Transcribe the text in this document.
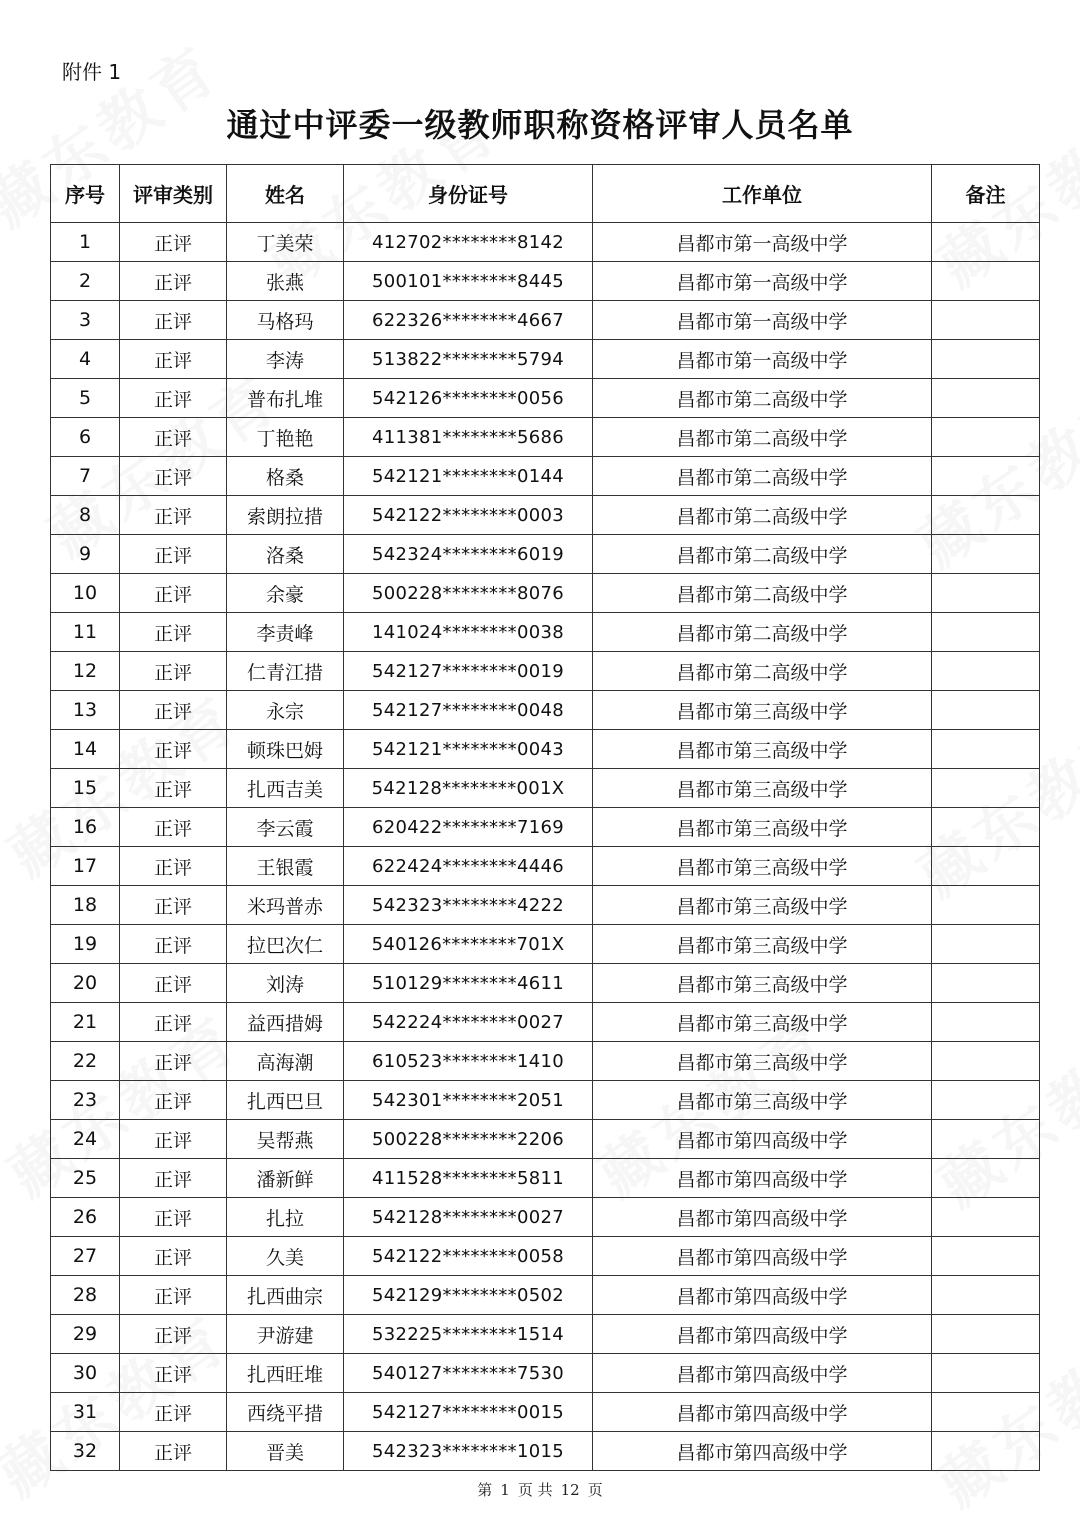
附件 1
通过中评委一级教师职称资格评审人员名单
序号	评审类别	姓名	身份证号	工作单位	备注
1	正评	丁美荣	412702********8142	昌都市第一高级中学	
2	正评	张燕	500101********8445	昌都市第一高级中学	
3	正评	马格玛	622326********4667	昌都市第一高级中学	
4	正评	李涛	513822********5794	昌都市第一高级中学	
5	正评	普布扎堆	542126********0056	昌都市第二高级中学	
6	正评	丁艳艳	411381********5686	昌都市第二高级中学	
7	正评	格桑	542121********0144	昌都市第二高级中学	
8	正评	索朗拉措	542122********0003	昌都市第二高级中学	
9	正评	洛桑	542324********6019	昌都市第二高级中学	
10	正评	余豪	500228********8076	昌都市第二高级中学	
11	正评	李责峰	141024********0038	昌都市第二高级中学	
12	正评	仁青江措	542127********0019	昌都市第二高级中学	
13	正评	永宗	542127********0048	昌都市第三高级中学	
14	正评	顿珠巴姆	542121********0043	昌都市第三高级中学	
15	正评	扎西吉美	542128********001X	昌都市第三高级中学	
16	正评	李云霞	620422********7169	昌都市第三高级中学	
17	正评	王银霞	622424********4446	昌都市第三高级中学	
18	正评	米玛普赤	542323********4222	昌都市第三高级中学	
19	正评	拉巴次仁	540126********701X	昌都市第三高级中学	
20	正评	刘涛	510129********4611	昌都市第三高级中学	
21	正评	益西措姆	542224********0027	昌都市第三高级中学	
22	正评	高海潮	610523********1410	昌都市第三高级中学	
23	正评	扎西巴旦	542301********2051	昌都市第三高级中学	
24	正评	吴帮燕	500228********2206	昌都市第四高级中学	
25	正评	潘新鲜	411528********5811	昌都市第四高级中学	
26	正评	扎拉	542128********0027	昌都市第四高级中学	
27	正评	久美	542122********0058	昌都市第四高级中学	
28	正评	扎西曲宗	542129********0502	昌都市第四高级中学	
29	正评	尹游建	532225********1514	昌都市第四高级中学	
30	正评	扎西旺堆	540127********7530	昌都市第四高级中学	
31	正评	西绕平措	542127********0015	昌都市第四高级中学	
32	正评	晋美	542323********1015	昌都市第四高级中学	
第 1 页 共 12 页
